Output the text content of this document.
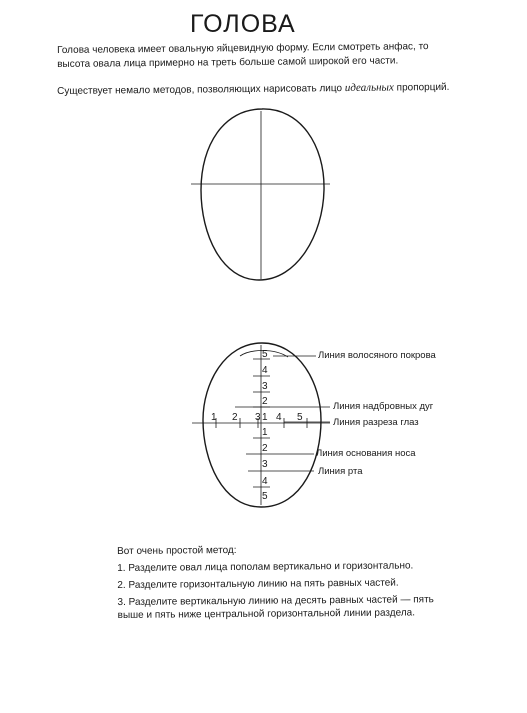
ГОЛОВА
Голова человека имеет овальную яйцевидную форму. Если смотреть анфас, то высота овала лица примерно на треть больше самой широкой его части.
Существует немало методов, позволяющих нарисовать лицо идеальных пропорций.
5
4
3
2
1
1
2
3
4
5
1 2 3 4 5
Линия волосяного покрова
Линия надбровных дуг
Линия разреза глаз
Линия основания носа
Линия рта

Вот очень простой метод:

1. Разделите овал лица пополам вертикально и горизонтально.

2. Разделите горизонтальную линию на пять равных частей.

3. Разделите вертикальную линию на десять равных частей — пять выше и пять ниже центральной горизонтальной линии раздела.
